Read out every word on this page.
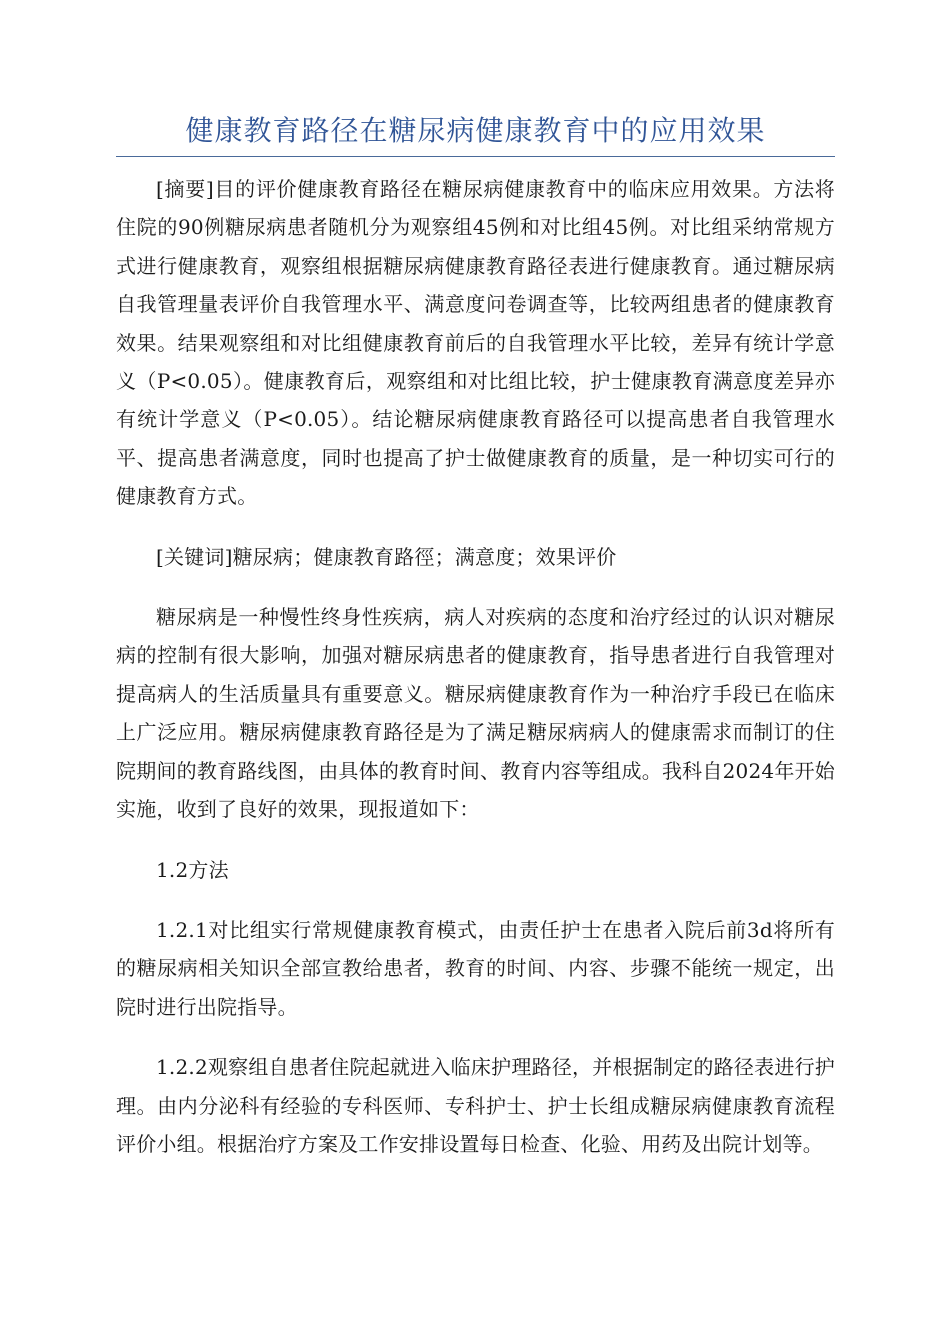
健康教育路径在糖尿病健康教育中的应用效果

[摘要]目的评价健康教育路径在糖尿病健康教育中的临床应用效果。方法将住院的90例糖尿病患者随机分为观察组45例和对比组45例。对比组采纳常规方式进行健康教育，观察组根据糖尿病健康教育路径表进行健康教育。通过糖尿病自我管理量表评价自我管理水平、满意度问卷调查等，比较两组患者的健康教育效果。结果观察组和对比组健康教育前后的自我管理水平比较，差异有统计学意义（P<0.05）。健康教育后，观察组和对比组比较，护士健康教育满意度差异亦有统计学意义（P<0.05）。结论糖尿病健康教育路径可以提高患者自我管理水平、提高患者满意度，同时也提高了护士做健康教育的质量，是一种切实可行的健康教育方式。

[关键词]糖尿病；健康教育路徑；满意度；效果评价

糖尿病是一种慢性终身性疾病，病人对疾病的态度和治疗经过的认识对糖尿病的控制有很大影响，加强对糖尿病患者的健康教育，指导患者进行自我管理对提高病人的生活质量具有重要意义。糖尿病健康教育作为一种治疗手段已在临床上广泛应用。糖尿病健康教育路径是为了满足糖尿病病人的健康需求而制订的住院期间的教育路线图，由具体的教育时间、教育内容等组成。我科自2024年开始实施，收到了良好的效果，现报道如下：

1.2方法

1.2.1对比组实行常规健康教育模式，由责任护士在患者入院后前3d将所有的糖尿病相关知识全部宣教给患者，教育的时间、内容、步骤不能统一规定，出院时进行出院指导。

1.2.2观察组自患者住院起就进入临床护理路径，并根据制定的路径表进行护理。由内分泌科有经验的专科医师、专科护士、护士长组成糖尿病健康教育流程评价小组。根据治疗方案及工作安排设置每日检查、化验、用药及出院计划等。
